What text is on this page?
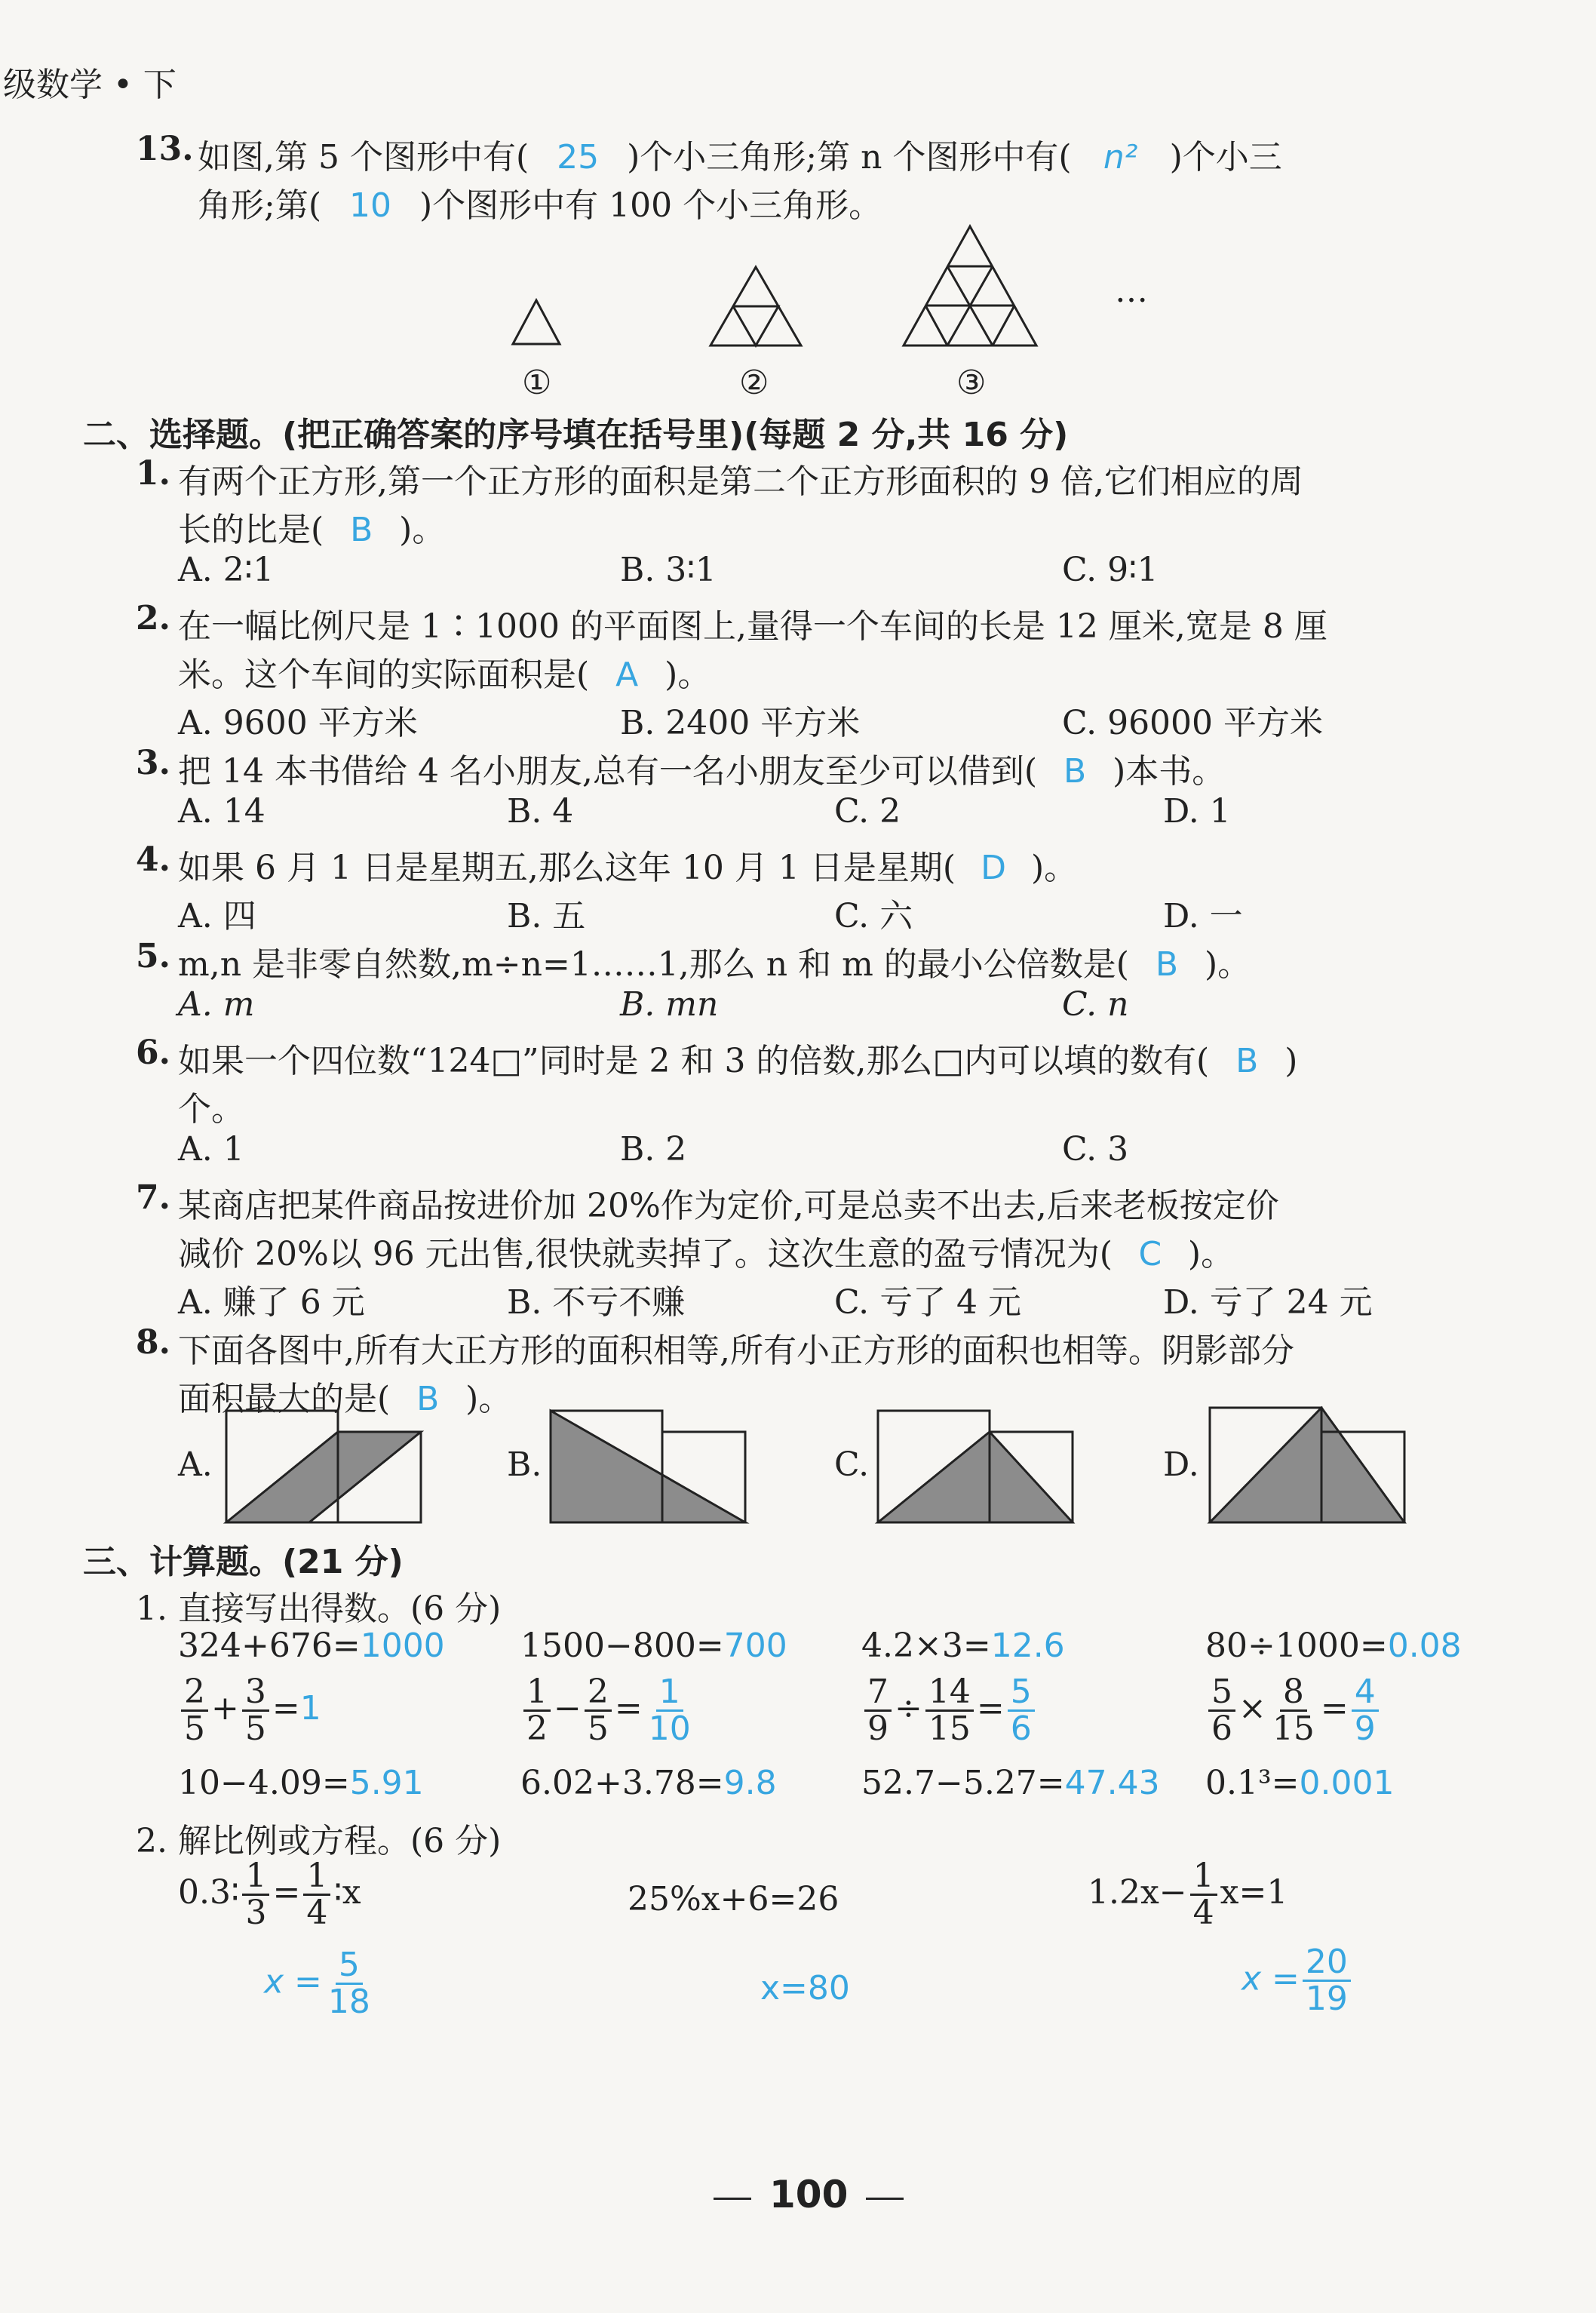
级数学 • 下
13. 如图,第 5 个图形中有( 25 )个小三角形;第 n 个图形中有( n² )个小三
角形;第( 10 )个图形中有 100 个小三角形。
…
①	②	③
二、选择题。(把正确答案的序号填在括号里)(每题 2 分,共 16 分)
1. 有两个正方形,第一个正方形的面积是第二个正方形面积的 9 倍,它们相应的周
长的比是( B )。
A. 2∶1	B. 3∶1	C. 9∶1
2. 在一幅比例尺是 1∶1000 的平面图上,量得一个车间的长是 12 厘米,宽是 8 厘
米。这个车间的实际面积是( A )。
A. 9600 平方米	B. 2400 平方米	C. 96000 平方米
3. 把 14 本书借给 4 名小朋友,总有一名小朋友至少可以借到( B )本书。
A. 14	B. 4	C. 2	D. 1
4. 如果 6 月 1 日是星期五,那么这年 10 月 1 日是星期( D )。
A. 四	B. 五	C. 六	D. 一
5. m,n 是非零自然数,m÷n=1……1,那么 n 和 m 的最小公倍数是( B )。
A. m	B. mn	C. n
6. 如果一个四位数“124□”同时是 2 和 3 的倍数,那么□内可以填的数有( B )
个。
A. 1	B. 2	C. 3
7. 某商店把某件商品按进价加 20%作为定价,可是总卖不出去,后来老板按定价
减价 20%以 96 元出售,很快就卖掉了。这次生意的盈亏情况为( C )。
A. 赚了 6 元	B. 不亏不赚	C. 亏了 4 元	D. 亏了 24 元
8. 下面各图中,所有大正方形的面积相等,所有小正方形的面积也相等。阴影部分
面积最大的是( B )。
A.	B.	C.	D.
三、计算题。(21 分)
1. 直接写出得数。(6 分)
324+676=1000 1500−800=700 4.2×3=12.6	80÷1000=0.08
$\frac{2}{5} + \frac{3}{5} =1$	$\frac{1}{2} - \frac{2}{5} = \frac{1}{10}$	$\frac{7}{9} \div \frac{14}{15} = \frac{5}{6}$	$\frac{5}{6} \times \frac{8}{15} = \frac{4}{9}$
10−4.09=5.91	6.02+3.78=9.8	52.7−5.27=47.43 0.1³=0.001
2. 解比例或方程。(6 分)
0.3∶ $\frac{1}{3} = \frac{1}{4}$ ∶x	25%x+6=26	$1.2x- \frac{1}{4} x=1$
$x = \frac{5}{18}$	x=80	$x = \frac{20}{19}$
100
